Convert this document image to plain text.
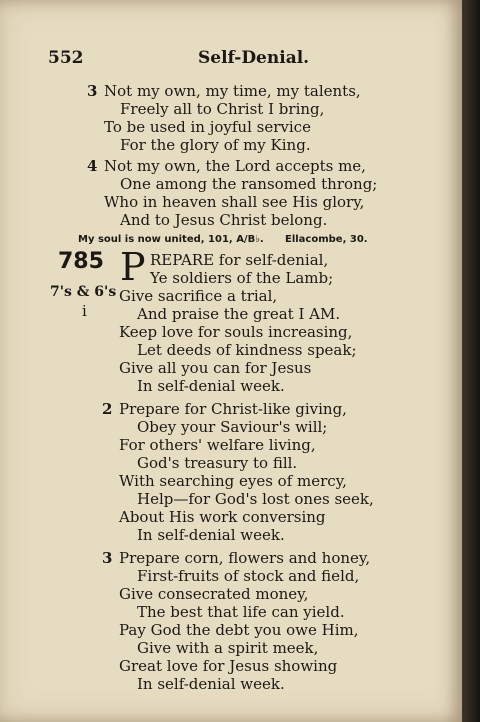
552	Self-Denial.
3 Not my own, my time, my talents,
Freely all to Christ I bring,
To be used in joyful service
For the glory of my King.
4 Not my own, the Lord accepts me,
One among the ransomed throng;
Who in heaven shall see His glory,
And to Jesus Christ belong.
My soul is now united, 101, A/B♭. Ellacombe, 30.
785
7's & 6's
i
P REPARE for self-denial,
Ye soldiers of the Lamb;
Give sacrifice a trial,
And praise the great I AM.
Keep love for souls increasing,
Let deeds of kindness speak;
Give all you can for Jesus
In self-denial week.
2 Prepare for Christ-like giving,
Obey your Saviour's will;
For others' welfare living,
God's treasury to fill.
With searching eyes of mercy,
Help—for God's lost ones seek,
About His work conversing
In self-denial week.
3 Prepare corn, flowers and honey,
First-fruits of stock and field,
Give consecrated money,
The best that life can yield.
Pay God the debt you owe Him,
Give with a spirit meek,
Great love for Jesus showing
In self-denial week.
